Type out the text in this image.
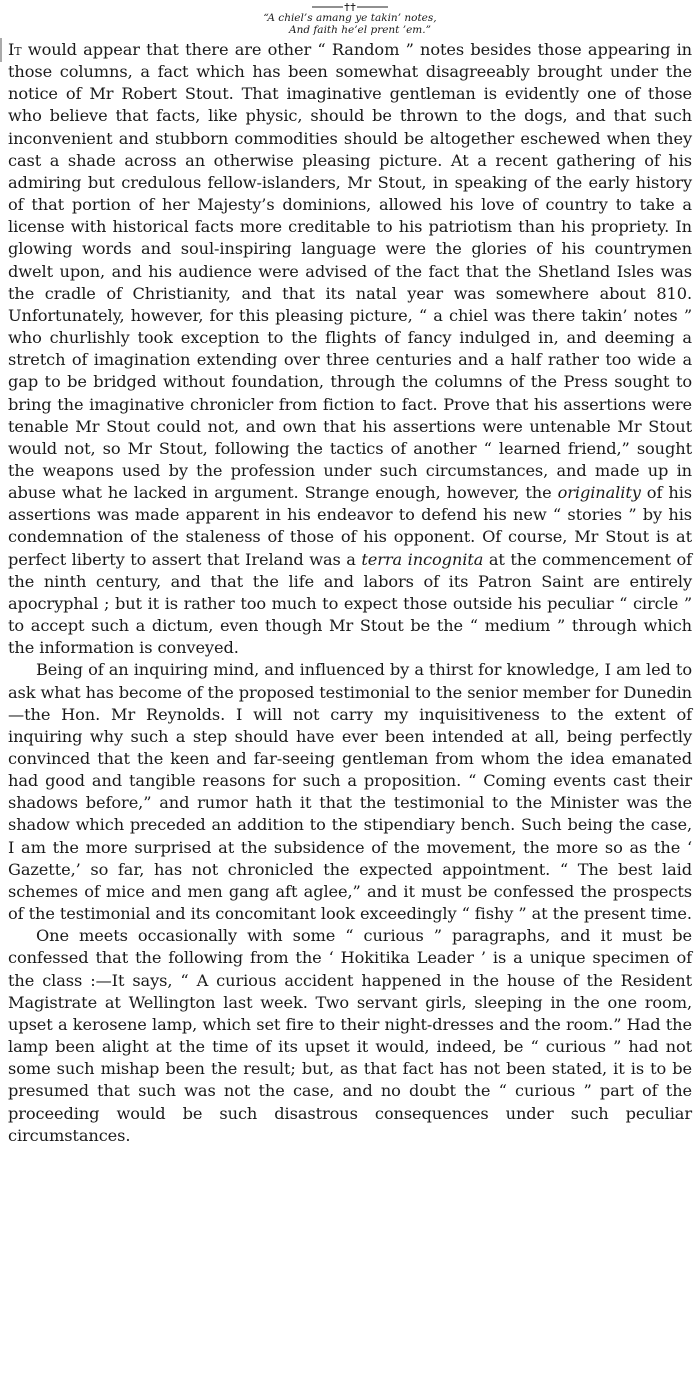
“A chiel’s amang ye takin’ notes,
And faith he’el prent ’em.”

It would appear that there are other “ Random ” notes besides those appearing in those columns, a fact which has been somewhat disagreeably brought under the notice of Mr Robert Stout. That imaginative gentleman is evidently one of those who believe that facts, like physic, should be thrown to the dogs, and that such inconvenient and stubborn commodities should be altogether eschewed when they cast a shade across an otherwise pleasing picture. At a recent gathering of his admiring but credulous fellow-islanders, Mr Stout, in speaking of the early history of that portion of her Majesty’s dominions, allowed his love of country to take a license with historical facts more creditable to his patriotism than his propriety. In glowing words and soul-inspiring language were the glories of his countrymen dwelt upon, and his audience were advised of the fact that the Shetland Isles was the cradle of Christianity, and that its natal year was somewhere about 810. Unfortunately, however, for this pleasing picture, “ a chiel was there takin’ notes ” who churlishly took exception to the flights of fancy indulged in, and deeming a stretch of imagination extending over three centuries and a half rather too wide a gap to be bridged without foundation, through the columns of the Press sought to bring the imaginative chronicler from fiction to fact. Prove that his assertions were tenable Mr Stout could not, and own that his assertions were untenable Mr Stout would not, so Mr Stout, following the tactics of another “ learned friend,” sought the weapons used by the profession under such circumstances, and made up in abuse what he lacked in argument. Strange enough, however, the originality of his assertions was made apparent in his endeavor to defend his new “ stories ” by his condemnation of the staleness of those of his opponent. Of course, Mr Stout is at perfect liberty to assert that Ireland was a terra incognita at the commencement of the ninth century, and that the life and labors of its Patron Saint are entirely apocryphal ; but it is rather too much to expect those outside his peculiar “ circle ” to accept such a dictum, even though Mr Stout be the “ medium ” through which the information is conveyed.

Being of an inquiring mind, and influenced by a thirst for knowledge, I am led to ask what has become of the proposed testimonial to the senior member for Dunedin—the Hon. Mr Reynolds. I will not carry my inquisitiveness to the extent of inquiring why such a step should have ever been intended at all, being perfectly convinced that the keen and far-seeing gentleman from whom the idea emanated had good and tangible reasons for such a proposition. “ Coming events cast their shadows before,” and rumor hath it that the testimonial to the Minister was the shadow which preceded an addition to the stipendiary bench. Such being the case, I am the more surprised at the subsidence of the movement, the more so as the ‘ Gazette,’ so far, has not chronicled the expected appointment. “ The best laid schemes of mice and men gang aft aglee,” and it must be confessed the prospects of the testimonial and its concomitant look exceedingly “ fishy ” at the present time.

One meets occasionally with some “ curious ” paragraphs, and it must be confessed that the following from the ‘ Hokitika Leader ’ is a unique specimen of the class :—It says, “ A curious accident happened in the house of the Resident Magistrate at Wellington last week. Two servant girls, sleeping in the one room, upset a kerosene lamp, which set fire to their night-dresses and the room.” Had the lamp been alight at the time of its upset it would, indeed, be “ curious ” had not some such mishap been the result; but, as that fact has not been stated, it is to be presumed that such was not the case, and no doubt the “ curious ” part of the proceeding would be such disastrous consequences under such peculiar circumstances.
